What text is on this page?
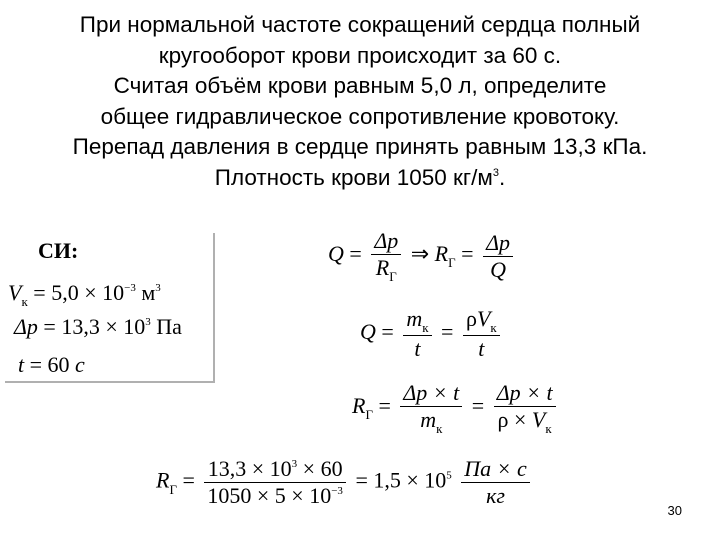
При нормальной частоте сокращений сердца полный
кругооборот крови происходит за 60 с.
Считая объём крови равным 5,0 л, определите
общее гидравлическое сопротивление кровотоку.
Перепад давления в сердце принять равным 13,3 кПа.
Плотность крови 1050 $кг/м^3$.
СИ:
$V_к = 5,0 \times 10^{-3}$ $м^3$
$\Delta p = 13,3 \times 10^3$ Па
t = 60 с
$Q = \frac{\Delta p}{R_Г}$ ⇒ $R_Г = \frac{\Delta p}{Q}$
$Q = \frac{m_к}{t} = \frac{\rho V_к}{t}$
$R_Г = \frac{\Delta p \times t}{m_к} = \frac{\Delta p \times t}{\rho \times V_к}$
$R_Г = \frac{13,3 \times 10^3 \times 60}{1050 \times 5 \times 10^{-3}} = 1,5 \times 10^5 \frac{Па \times с}{кг}$
30
